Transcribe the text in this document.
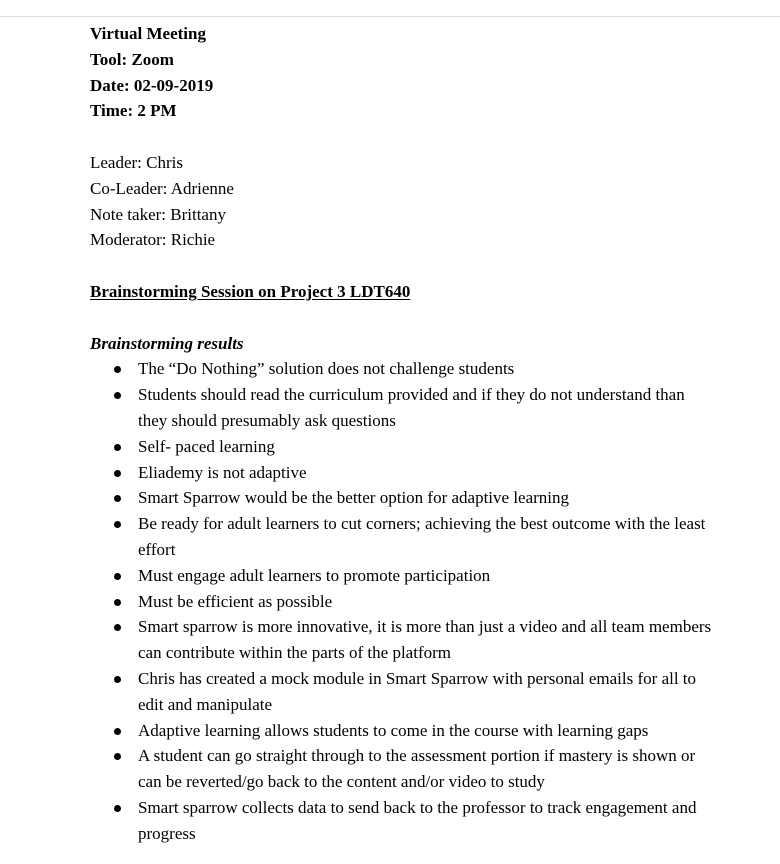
Virtual Meeting
Tool: Zoom
Date: 02-09-2019
Time: 2 PM
Leader: Chris
Co-Leader: Adrienne
Note taker: Brittany
Moderator: Richie
Brainstorming Session on Project 3 LDT640
Brainstorming results
The “Do Nothing” solution does not challenge students
Students should read the curriculum provided and if they do not understand than they should presumably ask questions
Self- paced learning
Eliademy is not adaptive
Smart Sparrow would be the better option for adaptive learning
Be ready for adult learners to cut corners; achieving the best outcome with the least effort
Must engage adult learners to promote participation
Must be efficient as possible
Smart sparrow is more innovative, it is more than just a video and all team members can contribute within the parts of the platform
Chris has created a mock module in Smart Sparrow with personal emails for all to edit and manipulate
Adaptive learning allows students to come in the course with learning gaps
A student can go straight through to the assessment portion if mastery is shown or can be reverted/go back to the content and/or video to study
Smart sparrow collects data to send back to the professor to track engagement and progress
